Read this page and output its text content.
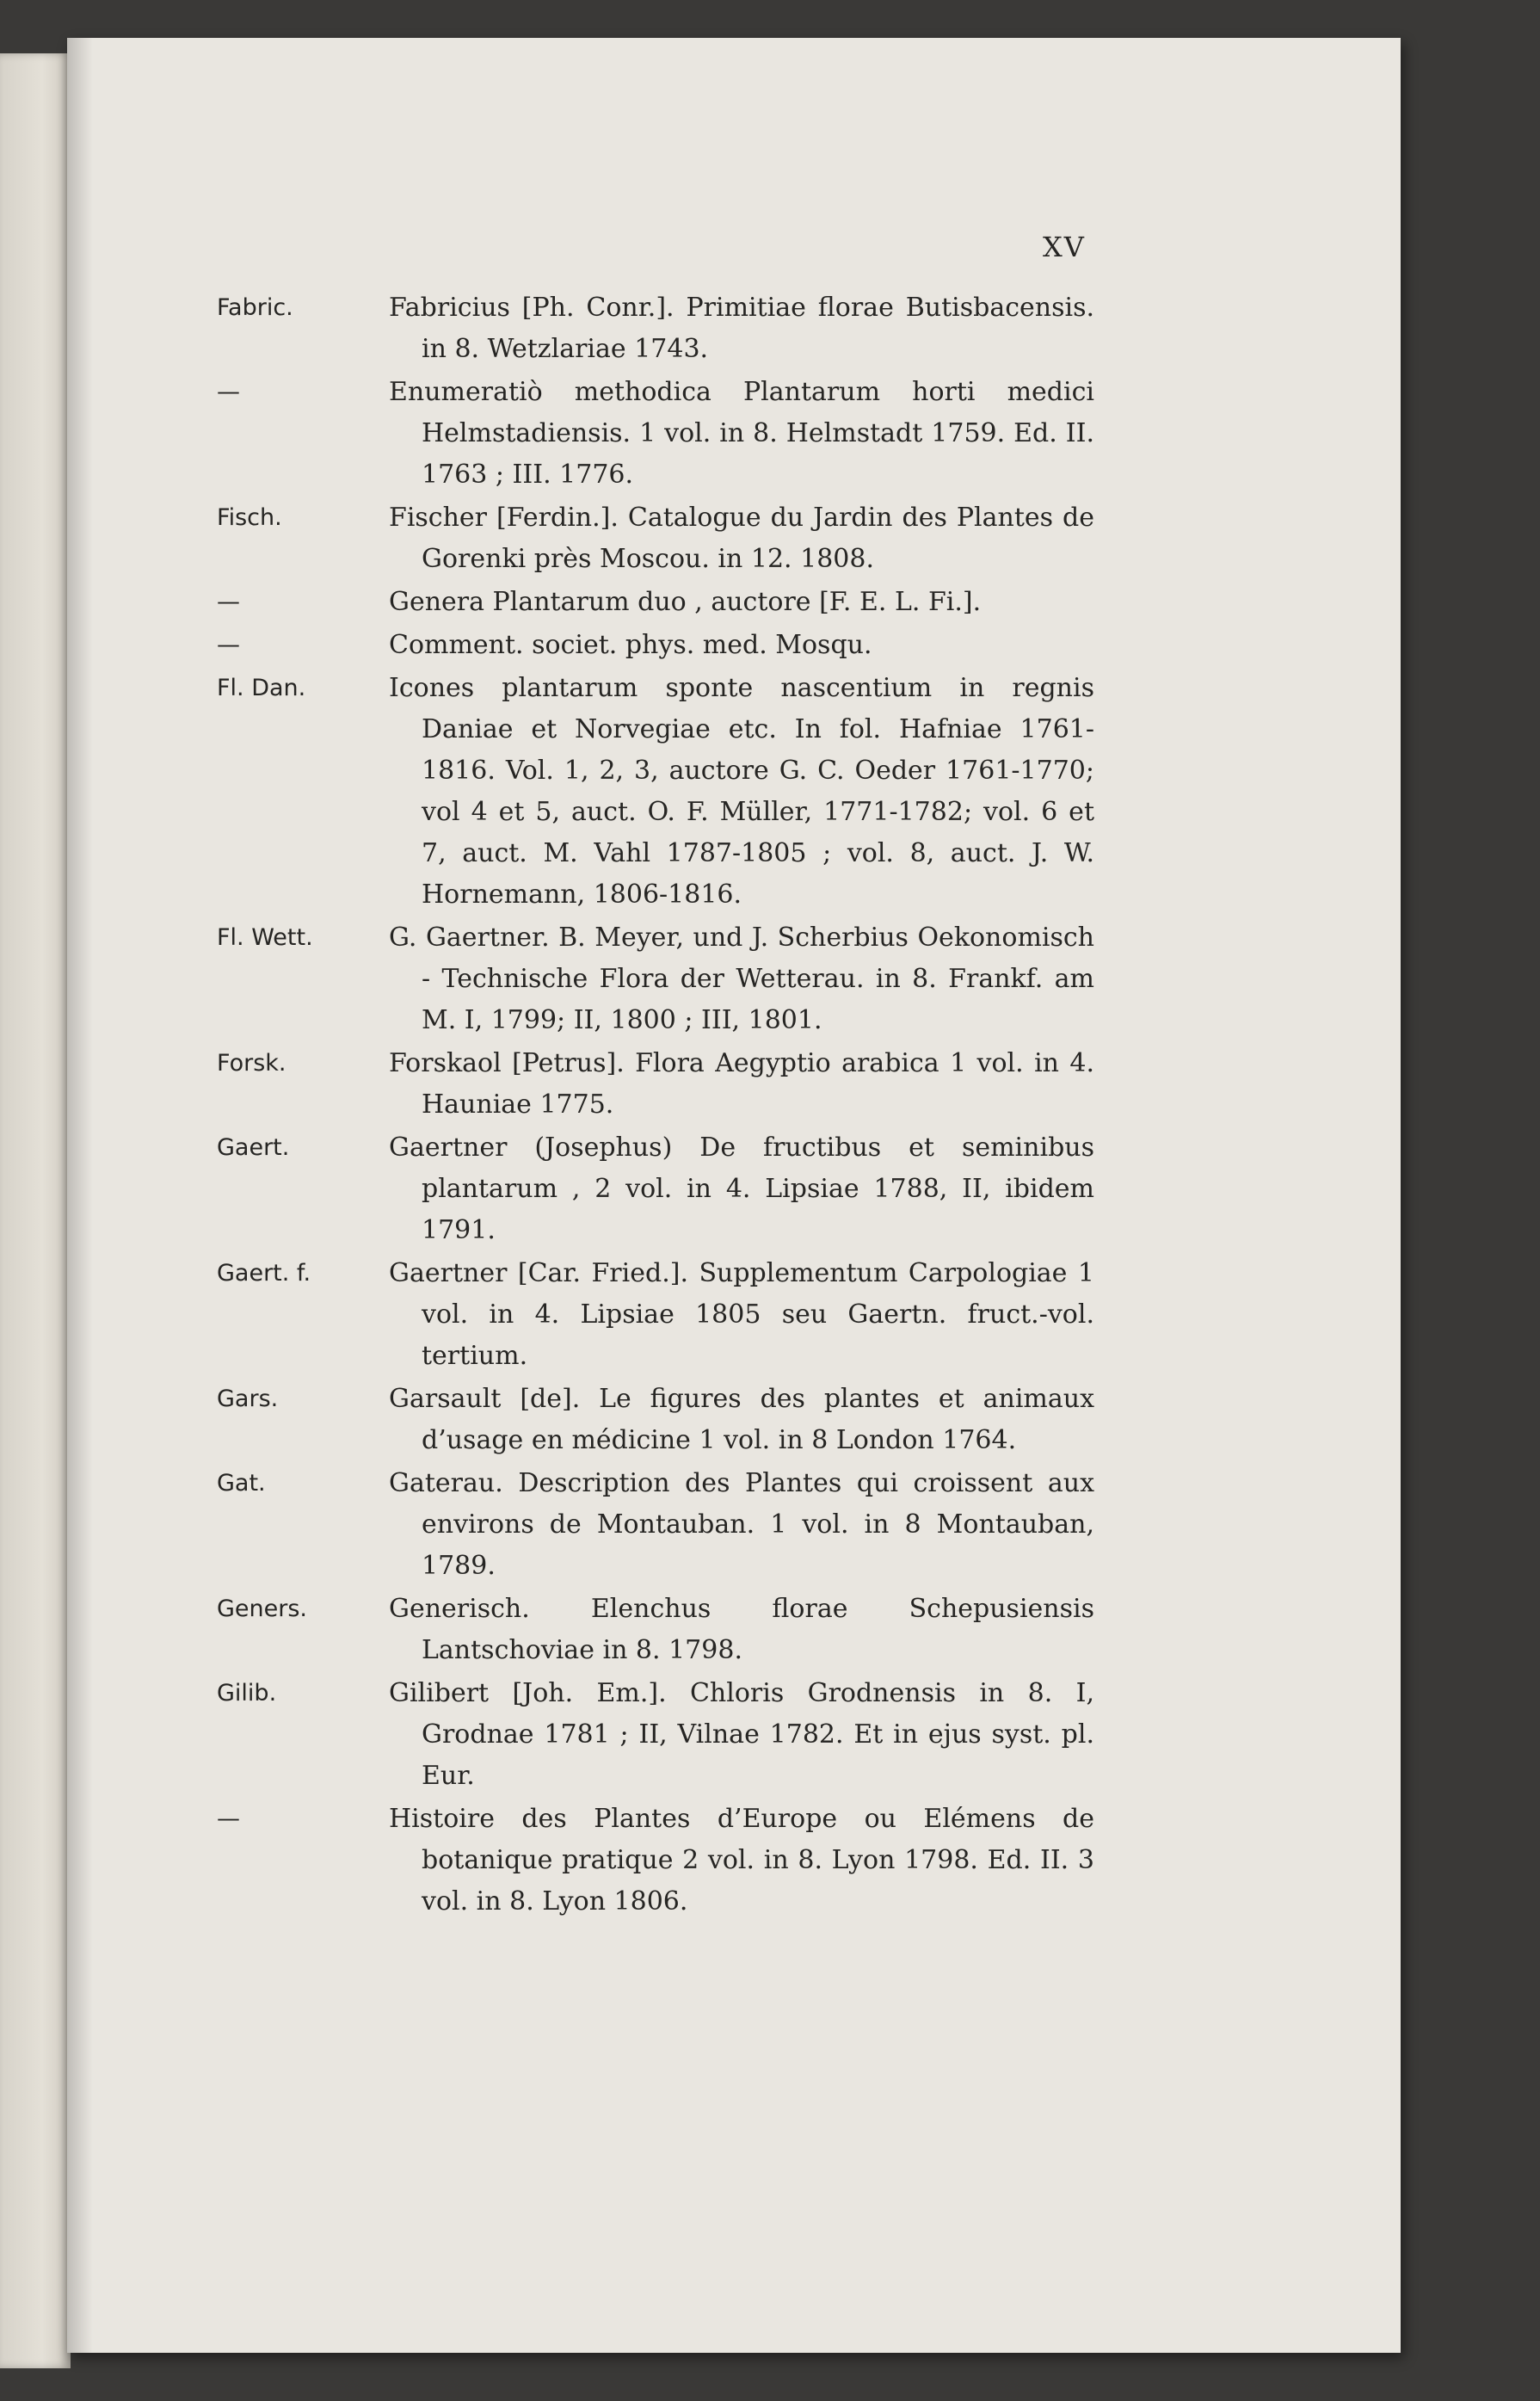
XV
Fabric.	Fabricius [Ph. Conr.]. Primitiae florae Butisbacensis. in 8. Wetzlariae 1743.
—	Enumeratiò methodica Plantarum horti medici Helmstadiensis. 1 vol. in 8. Helmstadt 1759. Ed. II. 1763 ; III. 1776.
Fisch.	Fischer [Ferdin.]. Catalogue du Jardin des Plantes de Gorenki près Moscou. in 12. 1808.
—	Genera Plantarum duo , auctore [F. E. L. Fi.].
—	Comment. societ. phys. med. Mosqu.
Fl. Dan.	Icones plantarum sponte nascentium in regnis Daniae et Norvegiae etc. In fol. Hafniae 1761-1816. Vol. 1, 2, 3, auctore G. C. Oeder 1761-1770; vol 4 et 5, auct. O. F. Müller, 1771-1782; vol. 6 et 7, auct. M. Vahl 1787-1805 ; vol. 8, auct. J. W. Hornemann, 1806-1816.
Fl. Wett.	G. Gaertner. B. Meyer, und J. Scherbius Oekonomisch - Technische Flora der Wetterau. in 8. Frankf. am M. I, 1799; II, 1800 ; III, 1801.
Forsk.	Forskaol [Petrus]. Flora Aegyptio arabica 1 vol. in 4. Hauniae 1775.
Gaert.	Gaertner (Josephus) De fructibus et seminibus plantarum , 2 vol. in 4. Lipsiae 1788, II, ibidem 1791.
Gaert. f.	Gaertner [Car. Fried.]. Supplementum Carpologiae 1 vol. in 4. Lipsiae 1805 seu Gaertn. fruct.-vol. tertium.
Gars.	Garsault [de]. Le figures des plantes et animaux d’usage en médicine 1 vol. in 8 London 1764.
Gat.	Gaterau. Description des Plantes qui croissent aux environs de Montauban. 1 vol. in 8 Montauban, 1789.
Geners.	Generisch. Elenchus florae Schepusiensis Lantschoviae in 8. 1798.
Gilib.	Gilibert [Joh. Em.]. Chloris Grodnensis in 8. I, Grodnae 1781 ; II, Vilnae 1782. Et in ejus syst. pl. Eur.
—	Histoire des Plantes d’Europe ou Elémens de botanique pratique 2 vol. in 8. Lyon 1798. Ed. II. 3 vol. in 8. Lyon 1806.
